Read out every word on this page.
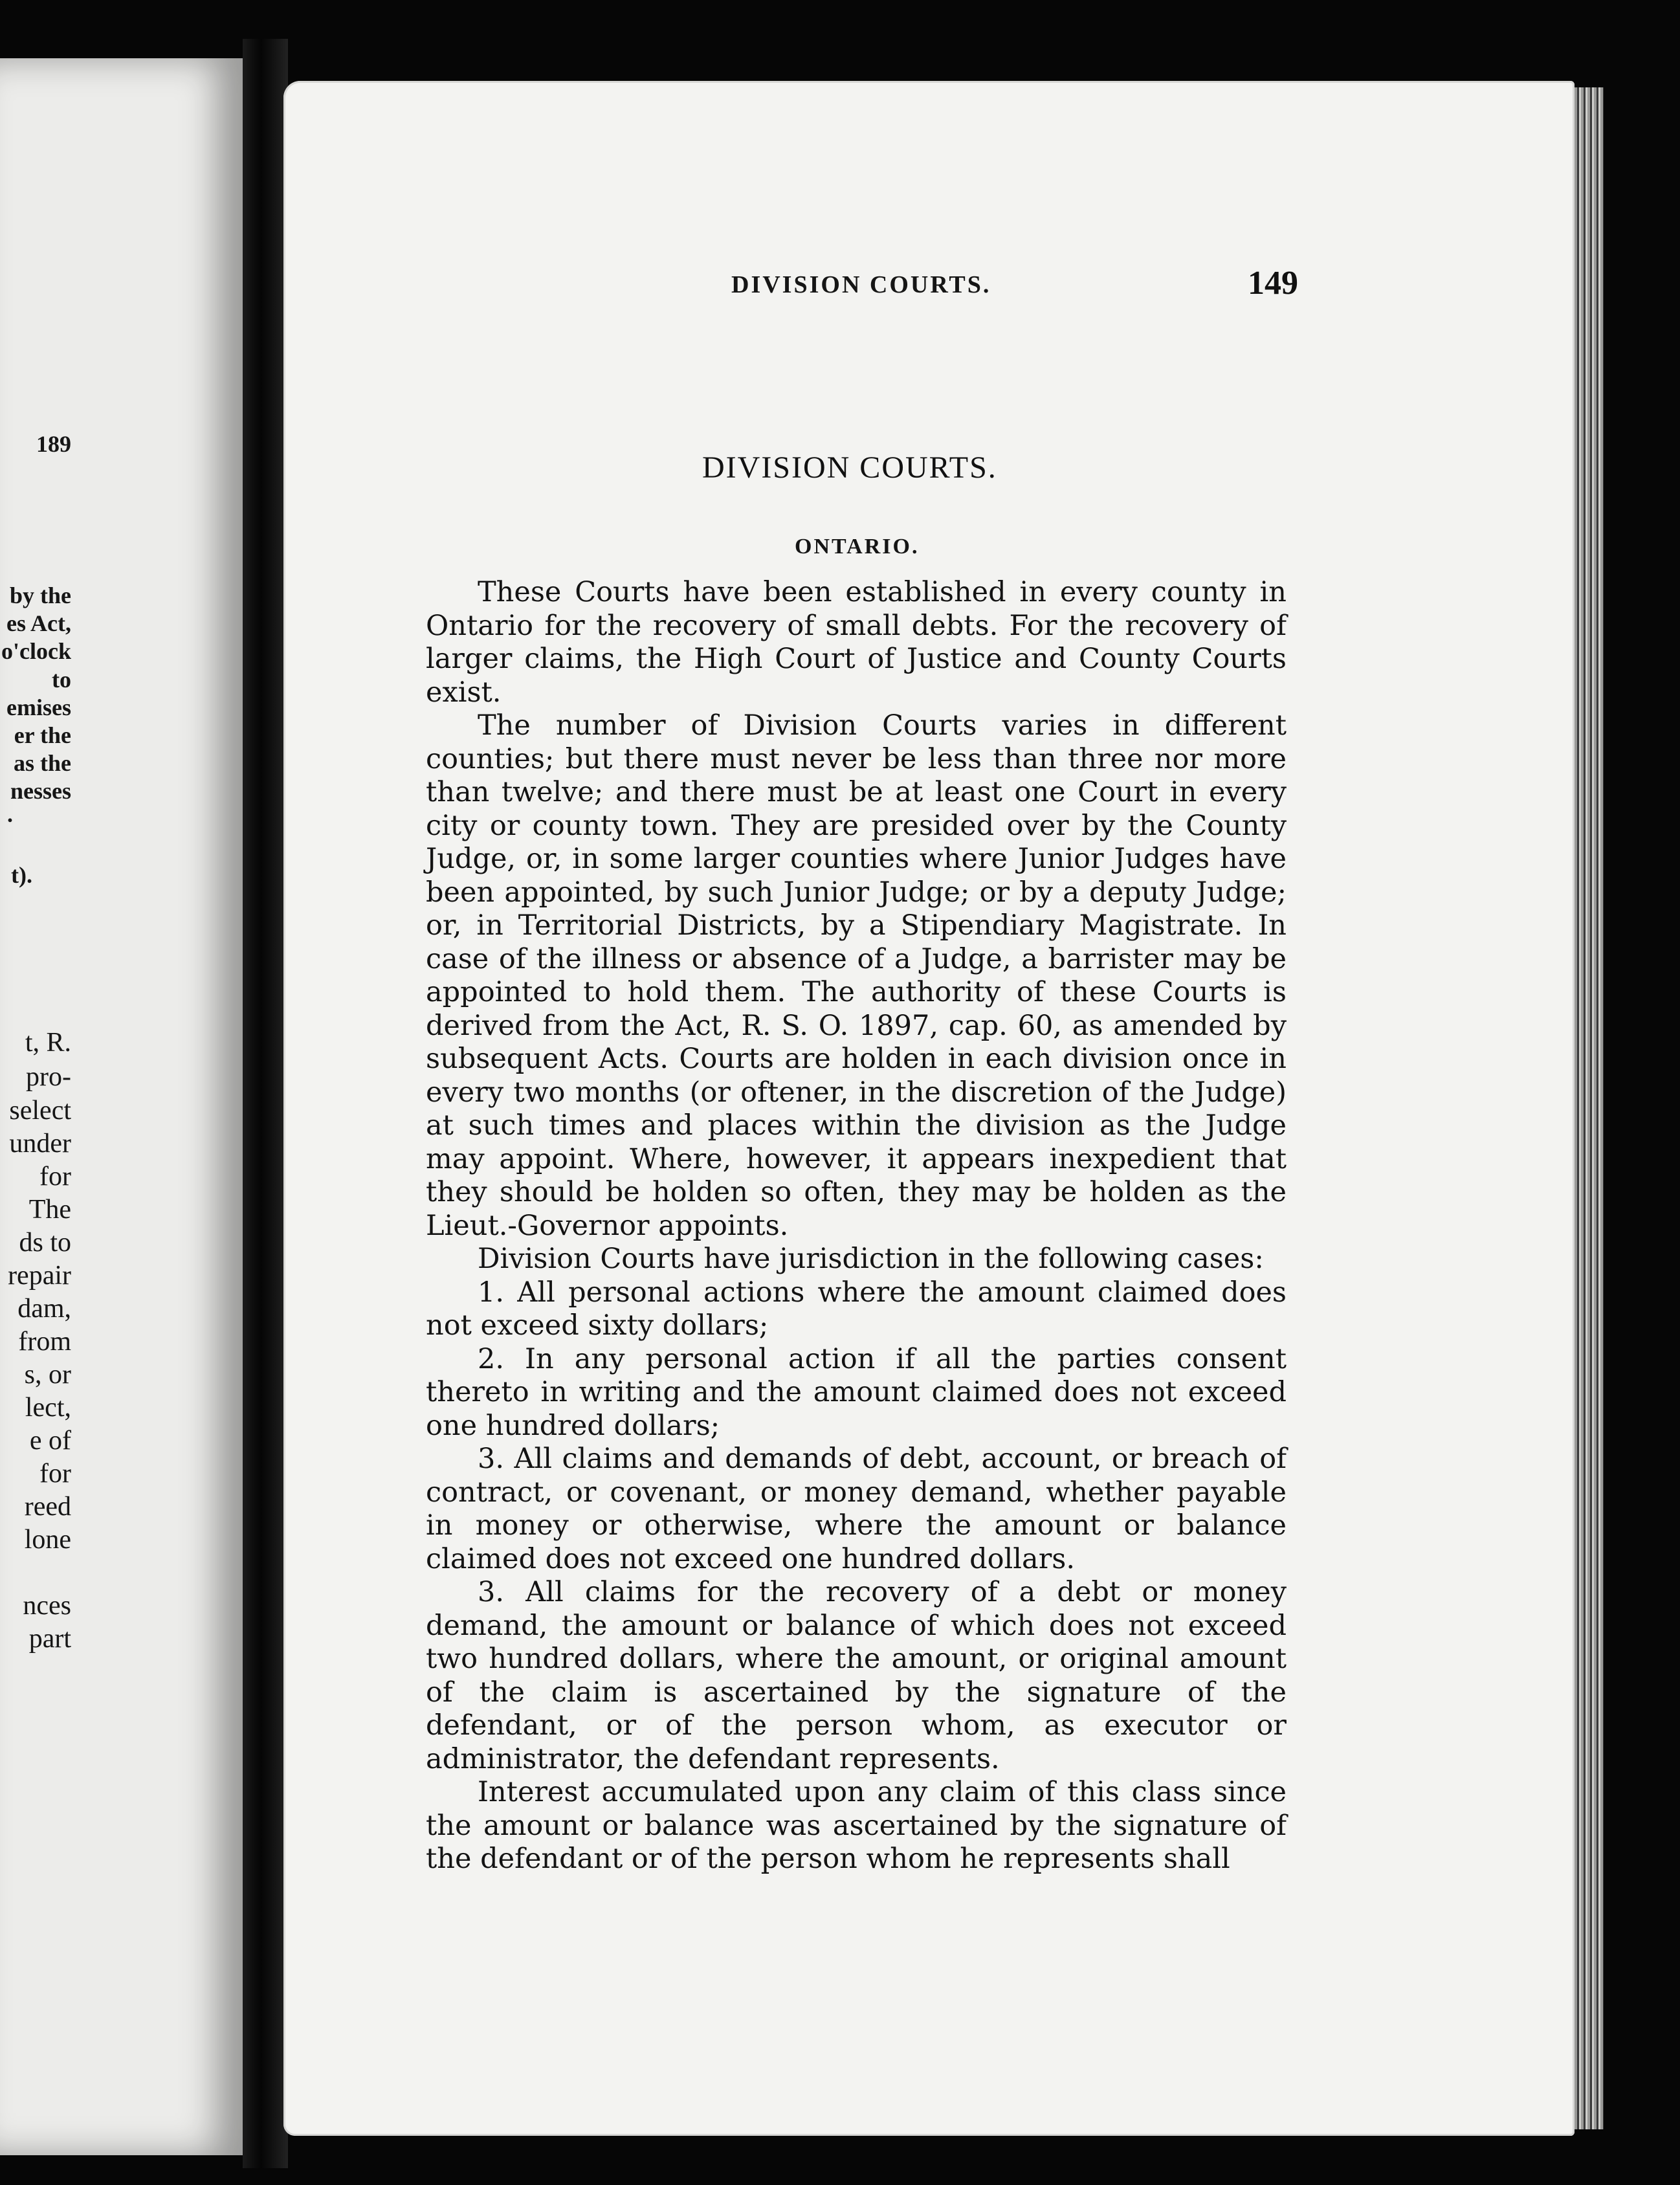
189
by the
es Act,
o'clock
to
emises
er the
as the
nesses
.
t).
t, R.
pro-
select
under
for
The
ds to
repair
dam,
from
s, or
lect,
e of
for
reed
lone
nces
part
DIVISION COURTS.	149
DIVISION COURTS.
ONTARIO.

These Courts have been established in every county in Ontario for the recovery of small debts. For the recovery of larger claims, the High Court of Justice and County Courts exist.

The number of Division Courts varies in different counties; but there must never be less than three nor more than twelve; and there must be at least one Court in every city or county town. They are presided over by the County Judge, or, in some larger counties where Junior Judges have been appointed, by such Junior Judge; or by a deputy Judge; or, in Territorial Districts, by a Stipendiary Magistrate. In case of the illness or absence of a Judge, a barrister may be appointed to hold them. The authority of these Courts is derived from the Act, R. S. O. 1897, cap. 60, as amended by subsequent Acts. Courts are holden in each division once in every two months (or oftener, in the discretion of the Judge) at such times and places within the division as the Judge may appoint. Where, however, it appears inexpedient that they should be holden so often, they may be holden as the Lieut.-Governor appoints.

Division Courts have jurisdiction in the following cases:

1. All personal actions where the amount claimed does not exceed sixty dollars;

2. In any personal action if all the parties consent thereto in writing and the amount claimed does not exceed one hundred dollars;

3. All claims and demands of debt, account, or breach of contract, or covenant, or money demand, whether payable in money or otherwise, where the amount or balance claimed does not exceed one hundred dollars.

3. All claims for the recovery of a debt or money demand, the amount or balance of which does not exceed two hundred dollars, where the amount, or original amount of the claim is ascertained by the signature of the defendant, or of the person whom, as executor or administrator, the defendant represents.

Interest accumulated upon any claim of this class since the amount or balance was ascertained by the signature of the defendant or of the person whom he represents shall
